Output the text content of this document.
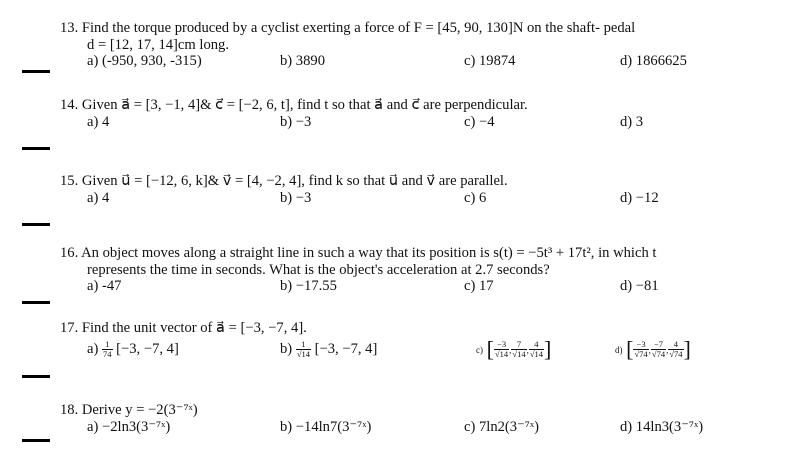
13. Find the torque produced by a cyclist exerting a force of F = [45, 90, 130]N on the shaft- pedal

d = [12, 17, 14]cm long.

a) (-950, 930, -315)	b) 3890	c) 19874	d) 1866625

14. Given a⃗ = [3, −1, 4]& c⃗ = [−2, 6, t], find t so that a⃗ and c⃗ are perpendicular.

a) 4	b) −3	c) −4	d) 3

15. Given u⃗ = [−12, 6, k]& v⃗ = [4, −2, 4], find k so that u⃗ and v⃗ are parallel.

a) 4	b) −3	c) 6	d) −12

16. An object moves along a straight line in such a way that its position is s(t) = −5t³ + 17t², in which t

represents the time in seconds. What is the object's acceleration at 2.7 seconds?

a) -47	b) −17.55	c) 17	d) −81

17. Find the unit vector of a⃗ = [−3, −7, 4].

$a) \frac{1}{74} [-3$, −7, 4]	$b) \frac{1}{√14} [-3$, −7, 4]	c) [ $\frac{-3}{√14}$ , $\frac{7}{√14}$ , $\frac{4}{√14}$ ]	d) [ $\frac{-3}{√74}$ , $\frac{-7}{√74}$ , $\frac{4}{√74}$ ]

18. Derive y = −2(3⁻⁷ˣ)

a) −2ln3(3⁻⁷ˣ)	b) −14ln7(3⁻⁷ˣ)	c) 7ln2(3⁻⁷ˣ)	d) 14ln3(3⁻⁷ˣ)
